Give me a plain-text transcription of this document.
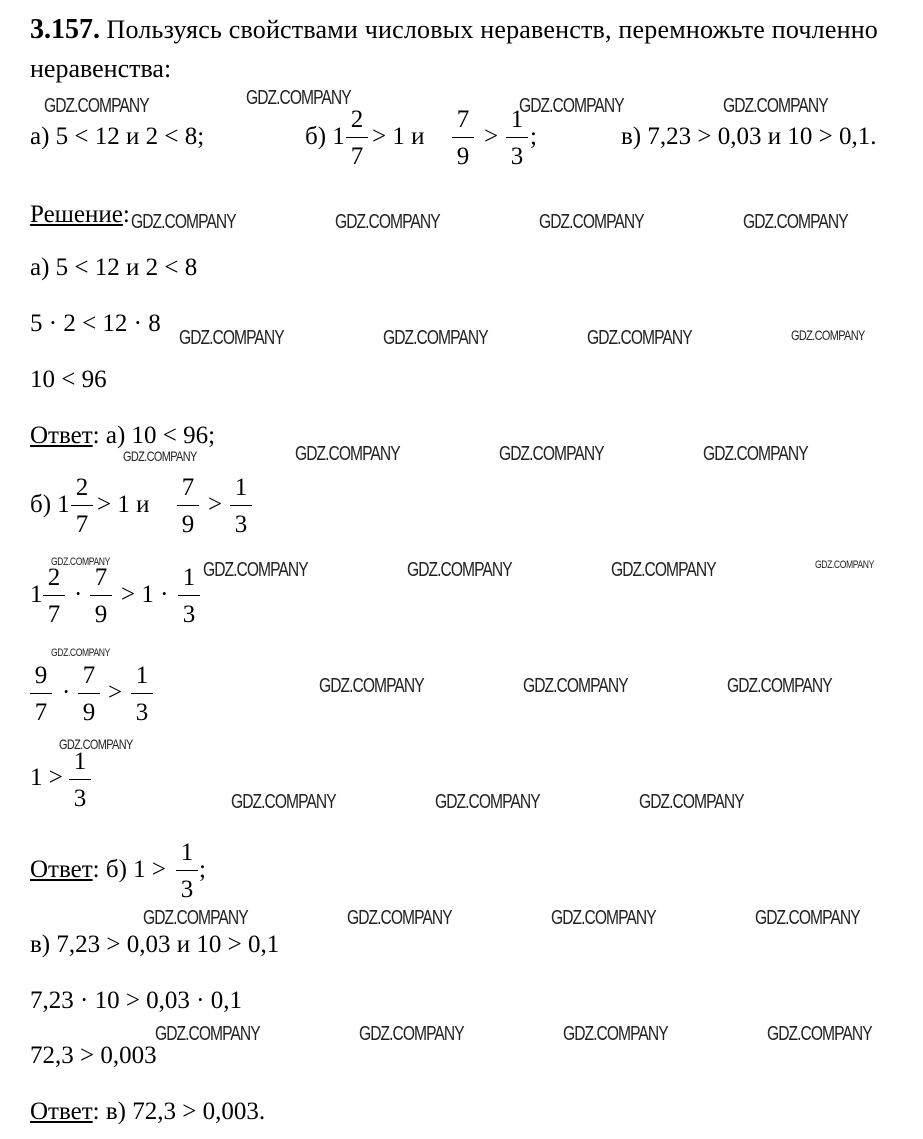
3.157. Пользуясь свойствами числовых неравенств, перемножьте почленно
неравенства:
а) 5 < 12 и 2 < 8;	б) 1
2
7
> 1 и
7
9
>
1
3
;	в) 7,23 > 0,03 и 10 > 0,1.
Решение:
а) 5 < 12 и 2 < 8
5 · 2 < 12 · 8
10 < 96
Ответ: а) 10 < 96;
б) 1
2
7
> 1 и
7
9
>
1
3
1
2
7
·
7
9
> 1 ·
1
3
9
7
·
7
9
>
1
3
1 >
1
3
Ответ: б) 1 >
1
3
;
в) 7,23 > 0,03 и 10 > 0,1
7,23 · 10 > 0,03 · 0,1
72,3 > 0,003
Ответ: в) 72,3 > 0,003.
GDZ.COMPANY	GDZ.COMPANY	GDZ.COMPANY	GDZ.COMPANY
GDZ.COMPANY	GDZ.COMPANY	GDZ.COMPANY	GDZ.COMPANY
GDZ.COMPANY	GDZ.COMPANY	GDZ.COMPANY	GDZ.COMPANY
GDZ.COMPANY	GDZ.COMPANY	GDZ.COMPANY	GDZ.COMPANY
GDZ.COMPANY	GDZ.COMPANY	GDZ.COMPANY	GDZ.COMPANY	GDZ.COMPANY
GDZ.COMPANY
GDZ.COMPANY	GDZ.COMPANY	GDZ.COMPANY
GDZ.COMPANY
GDZ.COMPANY	GDZ.COMPANY	GDZ.COMPANY
GDZ.COMPANY	GDZ.COMPANY	GDZ.COMPANY	GDZ.COMPANY
GDZ.COMPANY	GDZ.COMPANY	GDZ.COMPANY	GDZ.COMPANY
